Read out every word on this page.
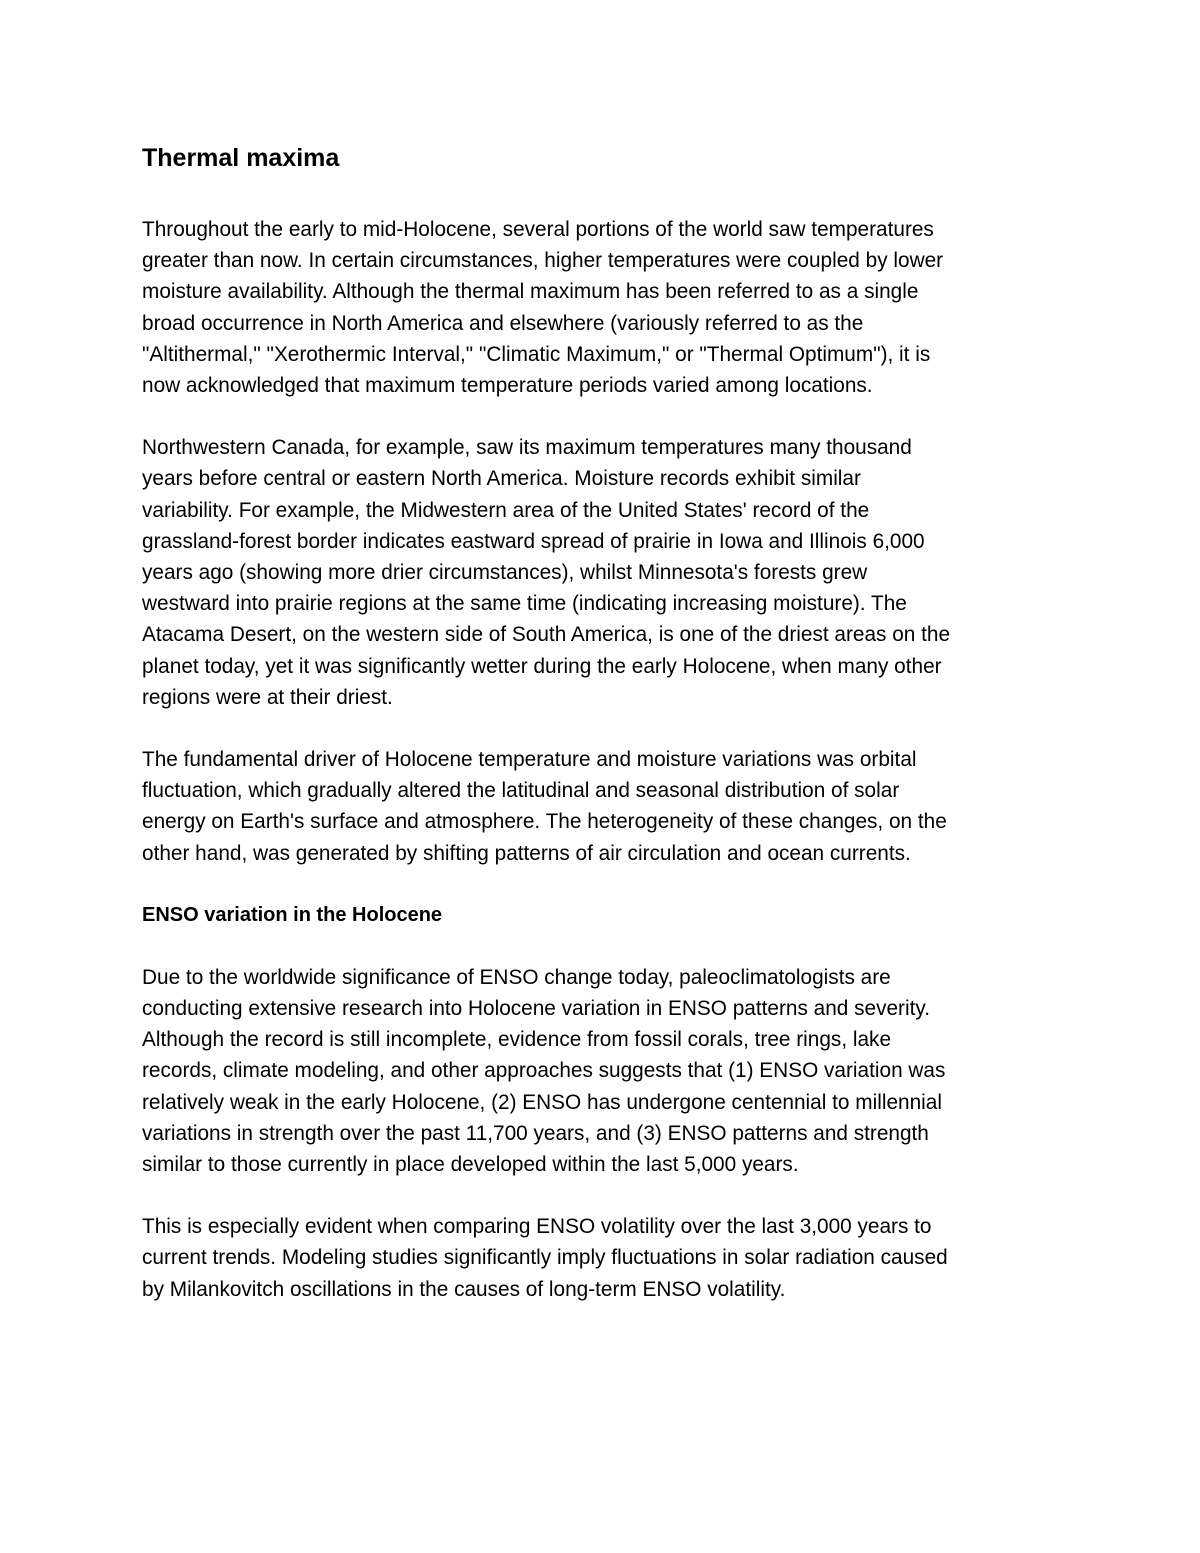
Thermal maxima
Throughout the early to mid-Holocene, several portions of the world saw temperatures
greater than now. In certain circumstances, higher temperatures were coupled by lower
moisture availability. Although the thermal maximum has been referred to as a single
broad occurrence in North America and elsewhere (variously referred to as the
"Altithermal," "Xerothermic Interval," "Climatic Maximum," or "Thermal Optimum"), it is
now acknowledged that maximum temperature periods varied among locations.
Northwestern Canada, for example, saw its maximum temperatures many thousand
years before central or eastern North America. Moisture records exhibit similar
variability. For example, the Midwestern area of the United States' record of the
grassland-forest border indicates eastward spread of prairie in Iowa and Illinois 6,000
years ago (showing more drier circumstances), whilst Minnesota's forests grew
westward into prairie regions at the same time (indicating increasing moisture). The
Atacama Desert, on the western side of South America, is one of the driest areas on the
planet today, yet it was significantly wetter during the early Holocene, when many other
regions were at their driest.
The fundamental driver of Holocene temperature and moisture variations was orbital
fluctuation, which gradually altered the latitudinal and seasonal distribution of solar
energy on Earth's surface and atmosphere. The heterogeneity of these changes, on the
other hand, was generated by shifting patterns of air circulation and ocean currents.
ENSO variation in the Holocene
Due to the worldwide significance of ENSO change today, paleoclimatologists are
conducting extensive research into Holocene variation in ENSO patterns and severity.
Although the record is still incomplete, evidence from fossil corals, tree rings, lake
records, climate modeling, and other approaches suggests that (1) ENSO variation was
relatively weak in the early Holocene, (2) ENSO has undergone centennial to millennial
variations in strength over the past 11,700 years, and (3) ENSO patterns and strength
similar to those currently in place developed within the last 5,000 years.
This is especially evident when comparing ENSO volatility over the last 3,000 years to
current trends. Modeling studies significantly imply fluctuations in solar radiation caused
by Milankovitch oscillations in the causes of long-term ENSO volatility.
